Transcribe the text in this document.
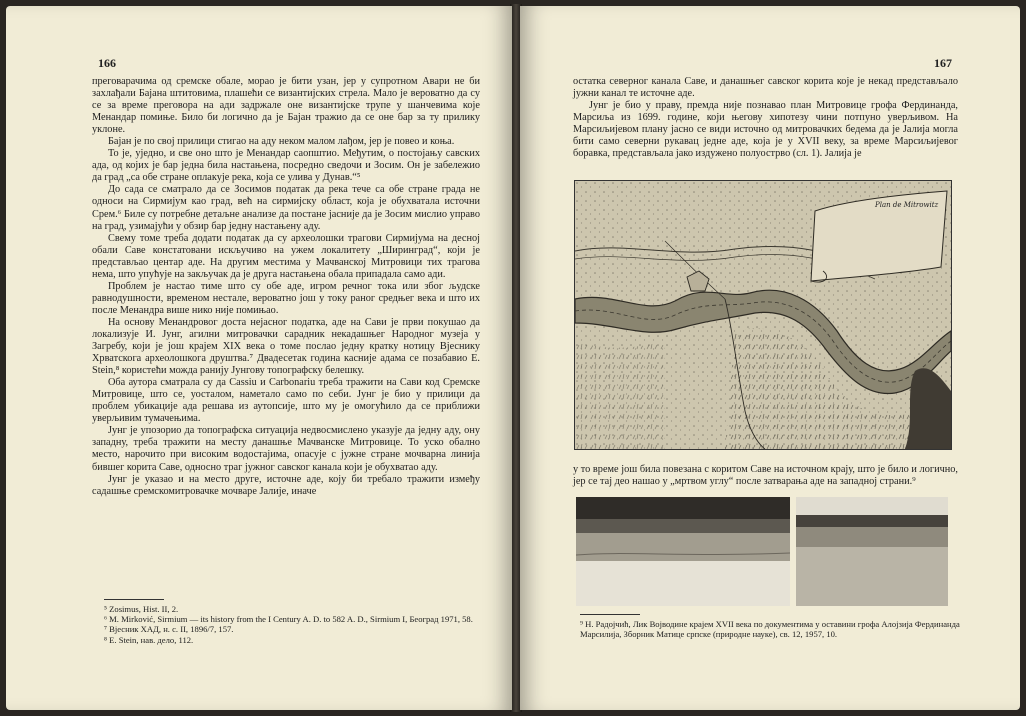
166

преговарачима од сремске обале, морао је бити узан, јер у супротном Авари не би захлађали Бајана штитовима, плашећи се византијских стрела. Мало је вероватно да су се за време преговора на ади задржале оне византијске трупе у шанчевима које Менандар помиње. Било би логично да је Бајан тражио да се оне бар за ту прилику уклоне.

Бајан је по свој прилици стигао на аду неком малом лађом, јер је повео и коња.

То је, уједно, и све оно што је Менандар саопштио. Међутим, о постојању савских ада, од којих је бар једна била настањена, посредно сведочи и Зосим. Он је забележио да град „са обе стране оплакује река, која се улива у Дунав.“⁵

До сада се сматрало да се Зосимов податак да река тече са обе стране града не односи на Сирмијум као град, већ на сирмијску област, која је обухватала источни Срем.⁶ Биле су потребне детаљне анализе да постане јасније да је Зосим мислио управо на град, узимајући у обзир бар једну настањену аду.

Свему томе треба додати податак да су археолошки трагови Сирмијума на десној обали Саве констатовани искључиво на ужем локалитету „Ширинград“, који је представљао центар аде. На другим местима у Мачванској Митровици тих трагова нема, што упућује на закључак да је друга настањена обала припадала само ади.

Проблем је настао тиме што су обе аде, игром речног тока или због људске равнодушности, временом нестале, вероватно још у току раног средњег века и што их после Менандра више нико није помињао.

На основу Менандровог доста нејасног податка, аде на Сави је први покушао да локализује И. Јунг, агилни митровачки сарадник некадашњег Народног музеја у Загребу, који је још крајем XIX века о томе послао једну кратку нотицу Вјеснику Хрватскога археолошкога друштва.⁷ Двадесетак година касније адама се позабавио E. Stein,⁸ користећи можда ранију Јунгову топографску белешку.

Оба аутора сматрала су да Cassiu и Carbonariu треба тражити на Сави код Сремске Митровице, што се, уосталом, наметало само по себи. Јунг је био у прилици да проблем убикације ада решава из аутопсије, што му је омогућило да се приближи уверљивим тумачењима.

Јунг је упозорио да топографска ситуација недвосмислено указује да једну аду, ону западну, треба тражити на месту данашње Мачванске Митровице. То уско обално место, нарочито при високим водостајима, опасује с јужне стране мочварна линија бившег корита Саве, односно траг јужног савског канала који је обухватао аду.

Јунг је указао и на место друге, источне аде, коју би требало тражити између садашње сремскомитровачке мочваре Јалије, иначе

⁵ Zosimus, Hist. II, 2.
⁶ M. Mirković, Sirmium — its history from the I Century A. D. to 582 A. D., Sirmium I, Београд 1971, 58.
⁷ Вјесник ХАД, н. с. II, 1896/7, 157.
⁸ E. Stein, нав. дело, 112.
167

остатка северног канала Саве, и данашњег савског корита које је некад представљало јужни канал те источне аде.

Јунг је био у праву, премда није познавао план Митровице грофа Фердинанда, Марсиља из 1699. године, који његову хипотезу чини потпуно уверљивом. На Марсиљијевом плану јасно се види источно од митровачких бедема да је Јалија могла бити само северни рукавац једне аде, која је у XVII веку, за време Марсиљијевог боравка, представљала јако издужено полуострво (сл. 1). Јалија је

Plan de Mitrowitz

у то време још била повезана с коритом Саве на источном крају, што је било и логично, јер се тај део нашао у „мртвом углу“ после затварања аде на западној страни.⁹

⁹ Н. Радојчић, Лик Војводине крајем XVII века по документима у оставини грофа Алојзија Фердинанда Марсилија, Зборник Матице српске (природне науке), св. 12, 1957, 10.
